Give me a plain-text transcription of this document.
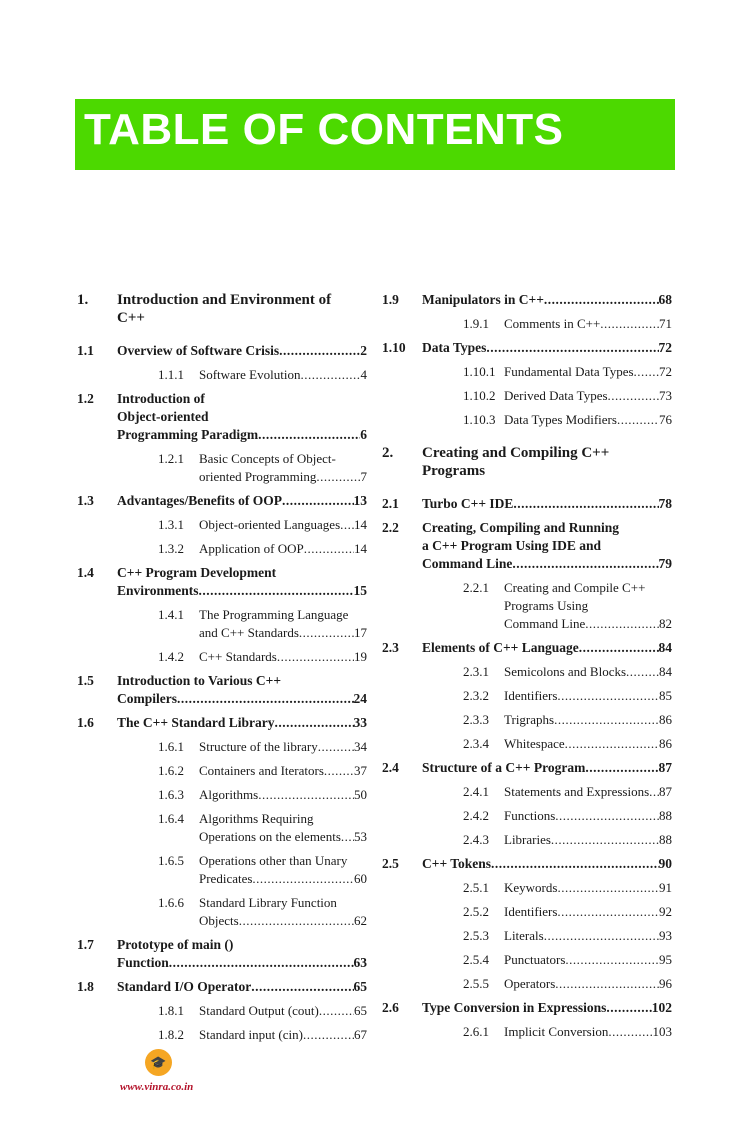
TABLE OF CONTENTS
1. Introduction and Environment of
C++
1.1 Overview of Software Crisis .....	2
1.1.1 Software Evolution .....	4
1.2 Introduction of
Object-oriented
Programming Paradigm .....	6
1.2.1 Basic Concepts of Object-
oriented Programming .....	7
1.3 Advantages/Benefits of OOP .....	13
1.3.1 Object-oriented Languages ..... 14
1.3.2 Application of OOP .....	14
1.4 C++ Program Development
Environments .....	15
1.4.1 The Programming Language
and C++ Standards .....	17
1.4.2 C++ Standards .....	19
1.5 Introduction to Various C++
Compilers .....	24
1.6 The C++ Standard Library .....	33
1.6.1 Structure of the library .....	34
1.6.2 Containers and Iterators ..... 37
1.6.3 Algorithms .....	50
1.6.4 Algorithms Requiring
Operations on the elements ..... 53
1.6.5 Operations other than Unary
Predicates .....	60
1.6.6 Standard Library Function
Objects .....	62
1.7 Prototype of main ()
Function .....	63
1.8 Standard I/O Operator .....	65
1.8.1 Standard Output (cout) .....	65
1.8.2 Standard input (cin) .....	67
1.9 Manipulators in C++ .....	68
1.9.1 Comments in C++ .....	71
1.10 Data Types .....	72
1.10.1 Fundamental Data Types ..... 72
1.10.2 Derived Data Types .....	73
1.10.3 Data Types Modifiers .....	76
2. Creating and Compiling C++
Programs
2.1 Turbo C++ IDE .....	78
2.2 Creating, Compiling and Running
a C++ Program Using IDE and
Command Line .....	79
2.2.1 Creating and Compile C++
Programs Using
Command Line .....	82
2.3 Elements of C++ Language .....	84
2.3.1 Semicolons and Blocks .....	84
2.3.2 Identifiers .....	85
2.3.3 Trigraphs .....	86
2.3.4 Whitespace .....	86
2.4 Structure of a C++ Program .....	87
2.4.1 Statements and Expressions ..... 87
2.4.2 Functions .....	88
2.4.3 Libraries .....	88
2.5 C++ Tokens .....	90
2.5.1 Keywords .....	91
2.5.2 Identifiers .....	92
2.5.3 Literals .....	93
2.5.4 Punctuators .....	95
2.5.5 Operators .....	96
2.6 Type Conversion in Expressions .....	102
2.6.1 Implicit Conversion .....	103
🎓
www.vinra.co.in
